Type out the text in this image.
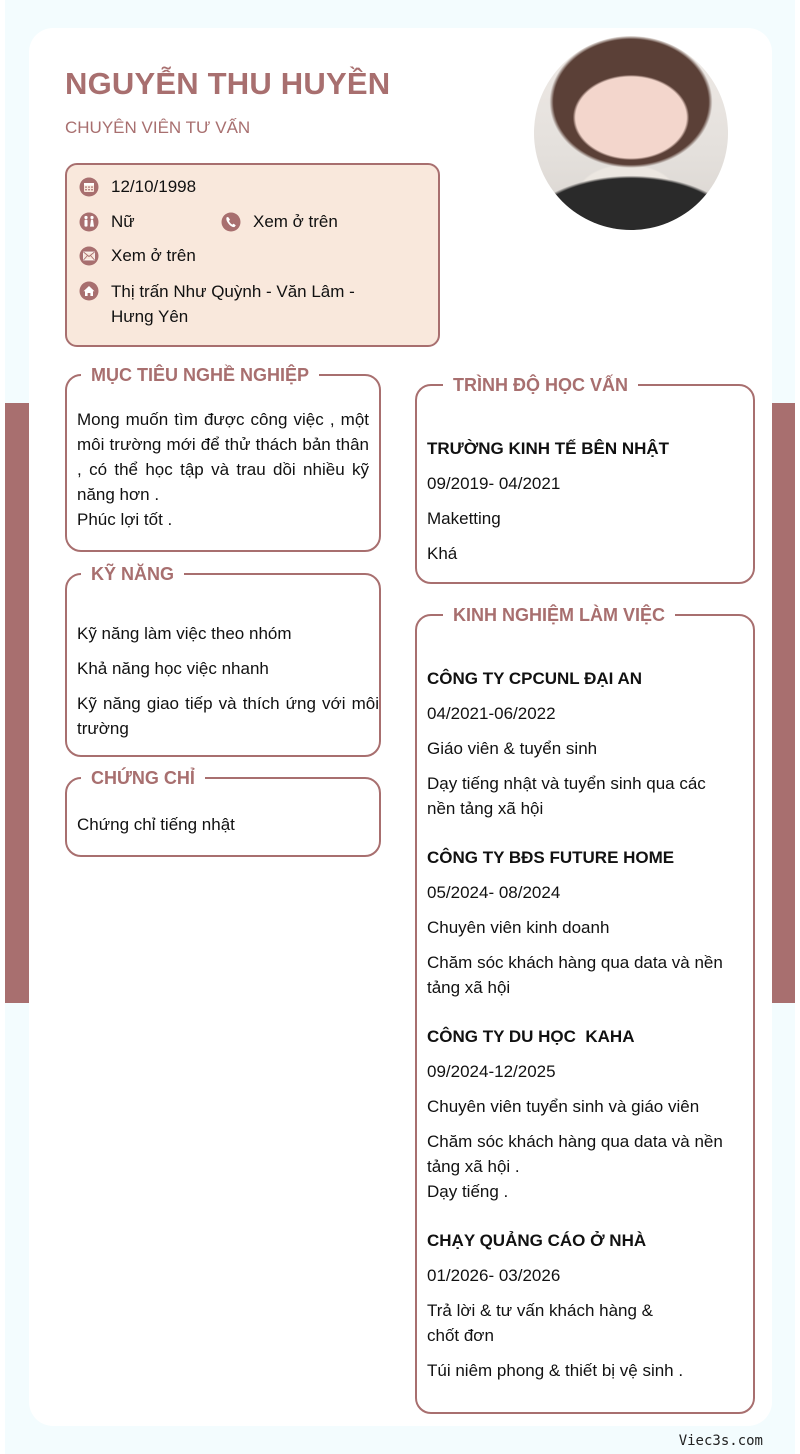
NGUYỄN THU HUYỀN

CHUYÊN VIÊN TƯ VẤN

12/10/1998
Nữ	Xem ở trên
Xem ở trên
Thị trấn Như Quỳnh - Văn Lâm - Hưng Yên
MỤC TIÊU NGHỀ NGHIỆP
Mong muốn tìm được công việc , một môi trường mới để thử thách bản thân , có thể học tập và trau dồi nhiều kỹ năng hơn .
Phúc lợi tốt .
KỸ NĂNG
Kỹ năng làm việc theo nhóm
Khả năng học việc nhanh
Kỹ năng giao tiếp và thích ứng với môi trường
CHỨNG CHỈ
Chứng chỉ tiếng nhật
TRÌNH ĐỘ HỌC VẤN
TRƯỜNG KINH TẾ BÊN NHẬT
09/2019- 04/2021
Maketting
Khá
KINH NGHIỆM LÀM VIỆC
CÔNG TY CPCUNL ĐẠI AN
04/2021-06/2022
Giáo viên & tuyển sinh
Dạy tiếng nhật và tuyển sinh qua các nền tảng xã hội
CÔNG TY BĐS FUTURE HOME
05/2024- 08/2024
Chuyên viên kinh doanh
Chăm sóc khách hàng qua data và nền tảng xã hội
CÔNG TY DU HỌC  KAHA
09/2024-12/2025
Chuyên viên tuyển sinh và giáo viên
Chăm sóc khách hàng qua data và nền tảng xã hội .
Dạy tiếng .
CHẠY QUẢNG CÁO Ở NHÀ
01/2026- 03/2026
Trả lời & tư vấn khách hàng & chốt đơn
Túi niêm phong & thiết bị vệ sinh .
Viec3s.com
